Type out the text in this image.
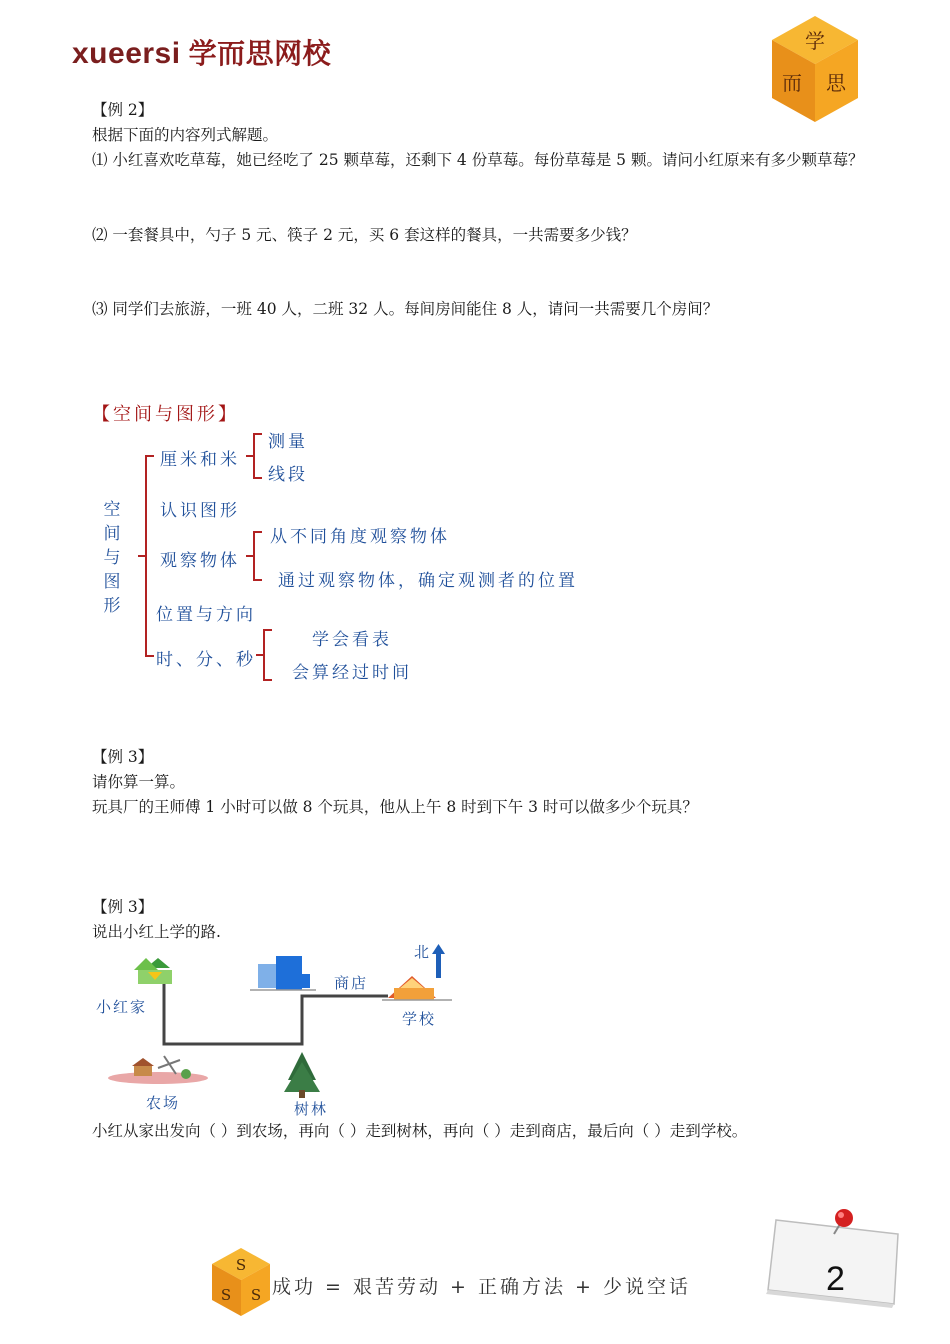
xueersi 学而思网校	学
而 思
【例 2】
根据下面的内容列式解题。
⑴ 小红喜欢吃草莓，她已经吃了 25 颗草莓，还剩下 4 份草莓。每份草莓是 5 颗。请问小红原来有多少颗草莓？
⑵ 一套餐具中，勺子 5 元、筷子 2 元，买 6 套这样的餐具，一共需要多少钱？
⑶ 同学们去旅游，一班 40 人，二班 32 人。每间房间能住 8 人，请问一共需要几个房间？
【空间与图形】
空
间
与
图
形
厘米和米
测量
线段
认识图形
观察物体
从不同角度观察物体
通过观察物体，确定观测者的位置
位置与方向
时、分、秒
学会看表
会算经过时间
【例 3】
请你算一算。
玩具厂的王师傅 1 小时可以做 8 个玩具，他从上午 8 时到下午 3 时可以做多少个玩具？
【例 3】
说出小红上学的路.
小红家
商店
北
学校
农场	树林
小红从家出发向（ ）到农场，再向（ ）走到树林，再向（ ）走到商店，最后向（ ）走到学校。
S
S S 成功 = 艰苦劳动 + 正确方法 + 少说空话	2
